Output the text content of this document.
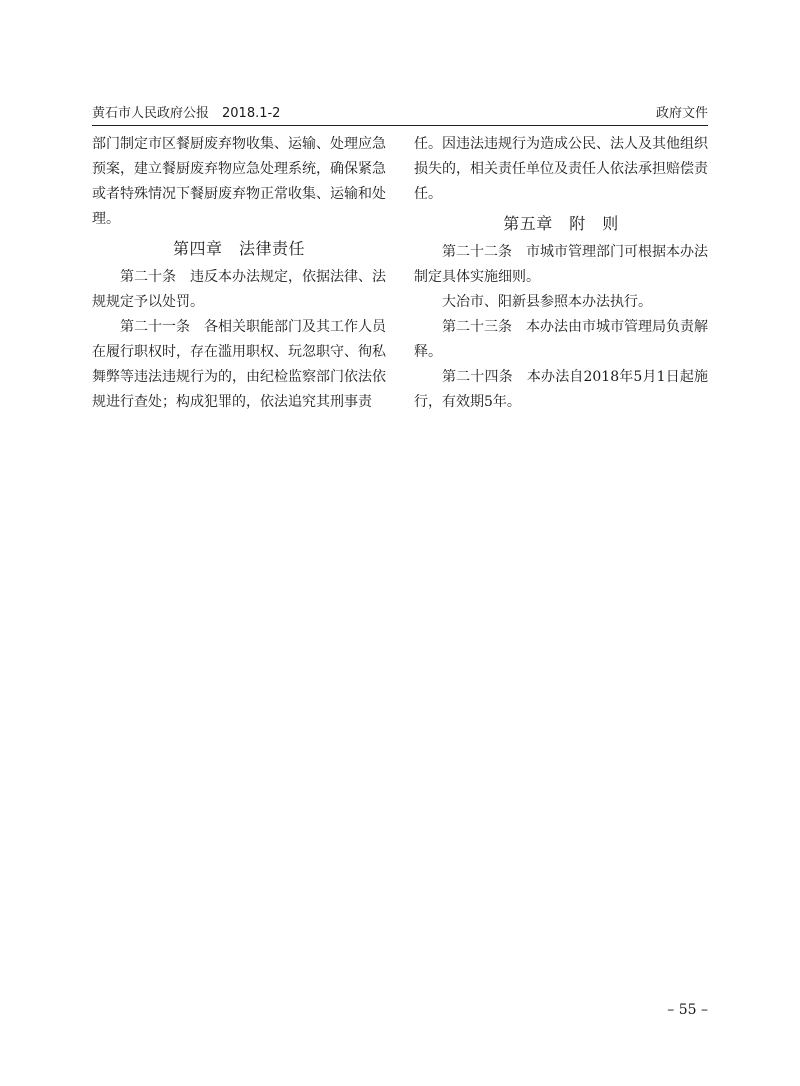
黄石市人民政府公报　2018.1-2	政府文件

部门制定市区餐厨废弃物收集、运输、处理应急预案，建立餐厨废弃物应急处理系统，确保紧急或者特殊情况下餐厨废弃物正常收集、运输和处理。

第四章　法律责任

第二十条　违反本办法规定，依据法律、法规规定予以处罚。

第二十一条　各相关职能部门及其工作人员在履行职权时，存在滥用职权、玩忽职守、徇私舞弊等违法违规行为的，由纪检监察部门依法依规进行查处；构成犯罪的，依法追究其刑事责

任。因违法违规行为造成公民、法人及其他组织损失的，相关责任单位及责任人依法承担赔偿责任。

第五章　附　则

第二十二条　市城市管理部门可根据本办法制定具体实施细则。

大冶市、阳新县参照本办法执行。

第二十三条　本办法由市城市管理局负责解释。

第二十四条　本办法自2018年5月1日起施行，有效期5年。

– 55 –
